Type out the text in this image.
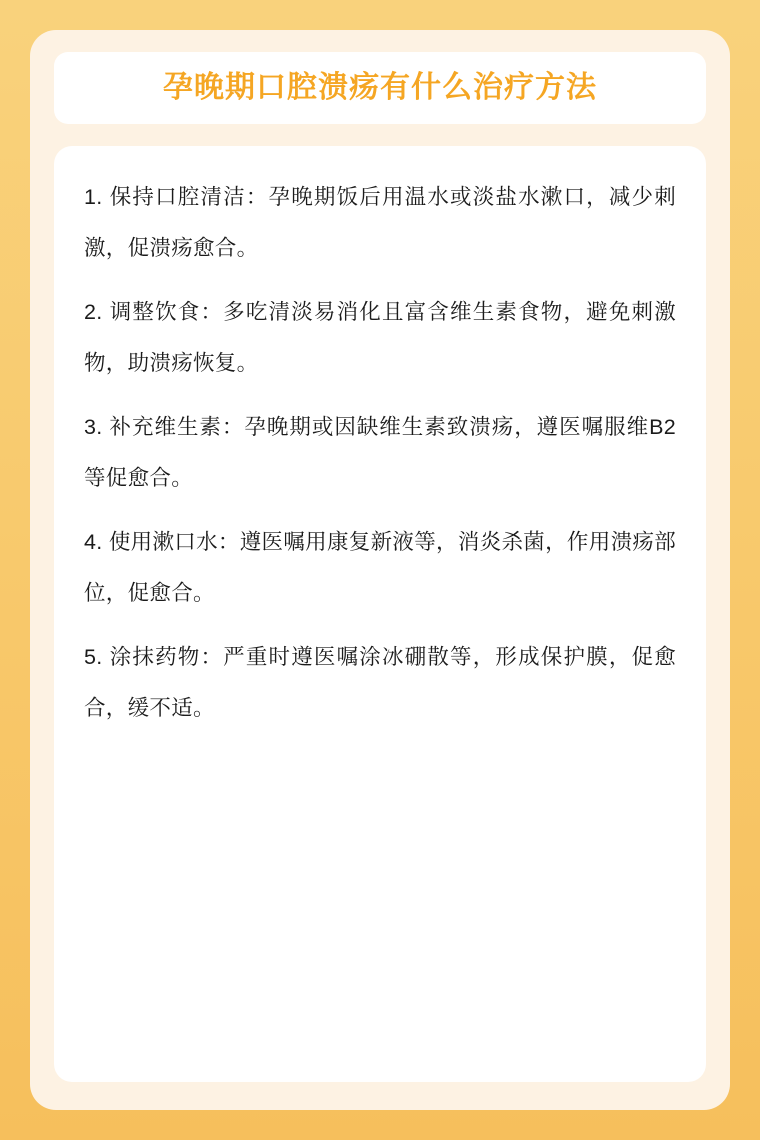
孕晚期口腔溃疡有什么治疗方法

1. 保持口腔清洁：孕晚期饭后用温水或淡盐水漱口，减少刺激，促溃疡愈合。

2. 调整饮食：多吃清淡易消化且富含维生素食物，避免刺激物，助溃疡恢复。

3. 补充维生素：孕晚期或因缺维生素致溃疡，遵医嘱服维B2等促愈合。

4. 使用漱口水：遵医嘱用康复新液等，消炎杀菌，作用溃疡部位，促愈合。

5. 涂抹药物：严重时遵医嘱涂冰硼散等，形成保护膜，促愈合，缓不适。
